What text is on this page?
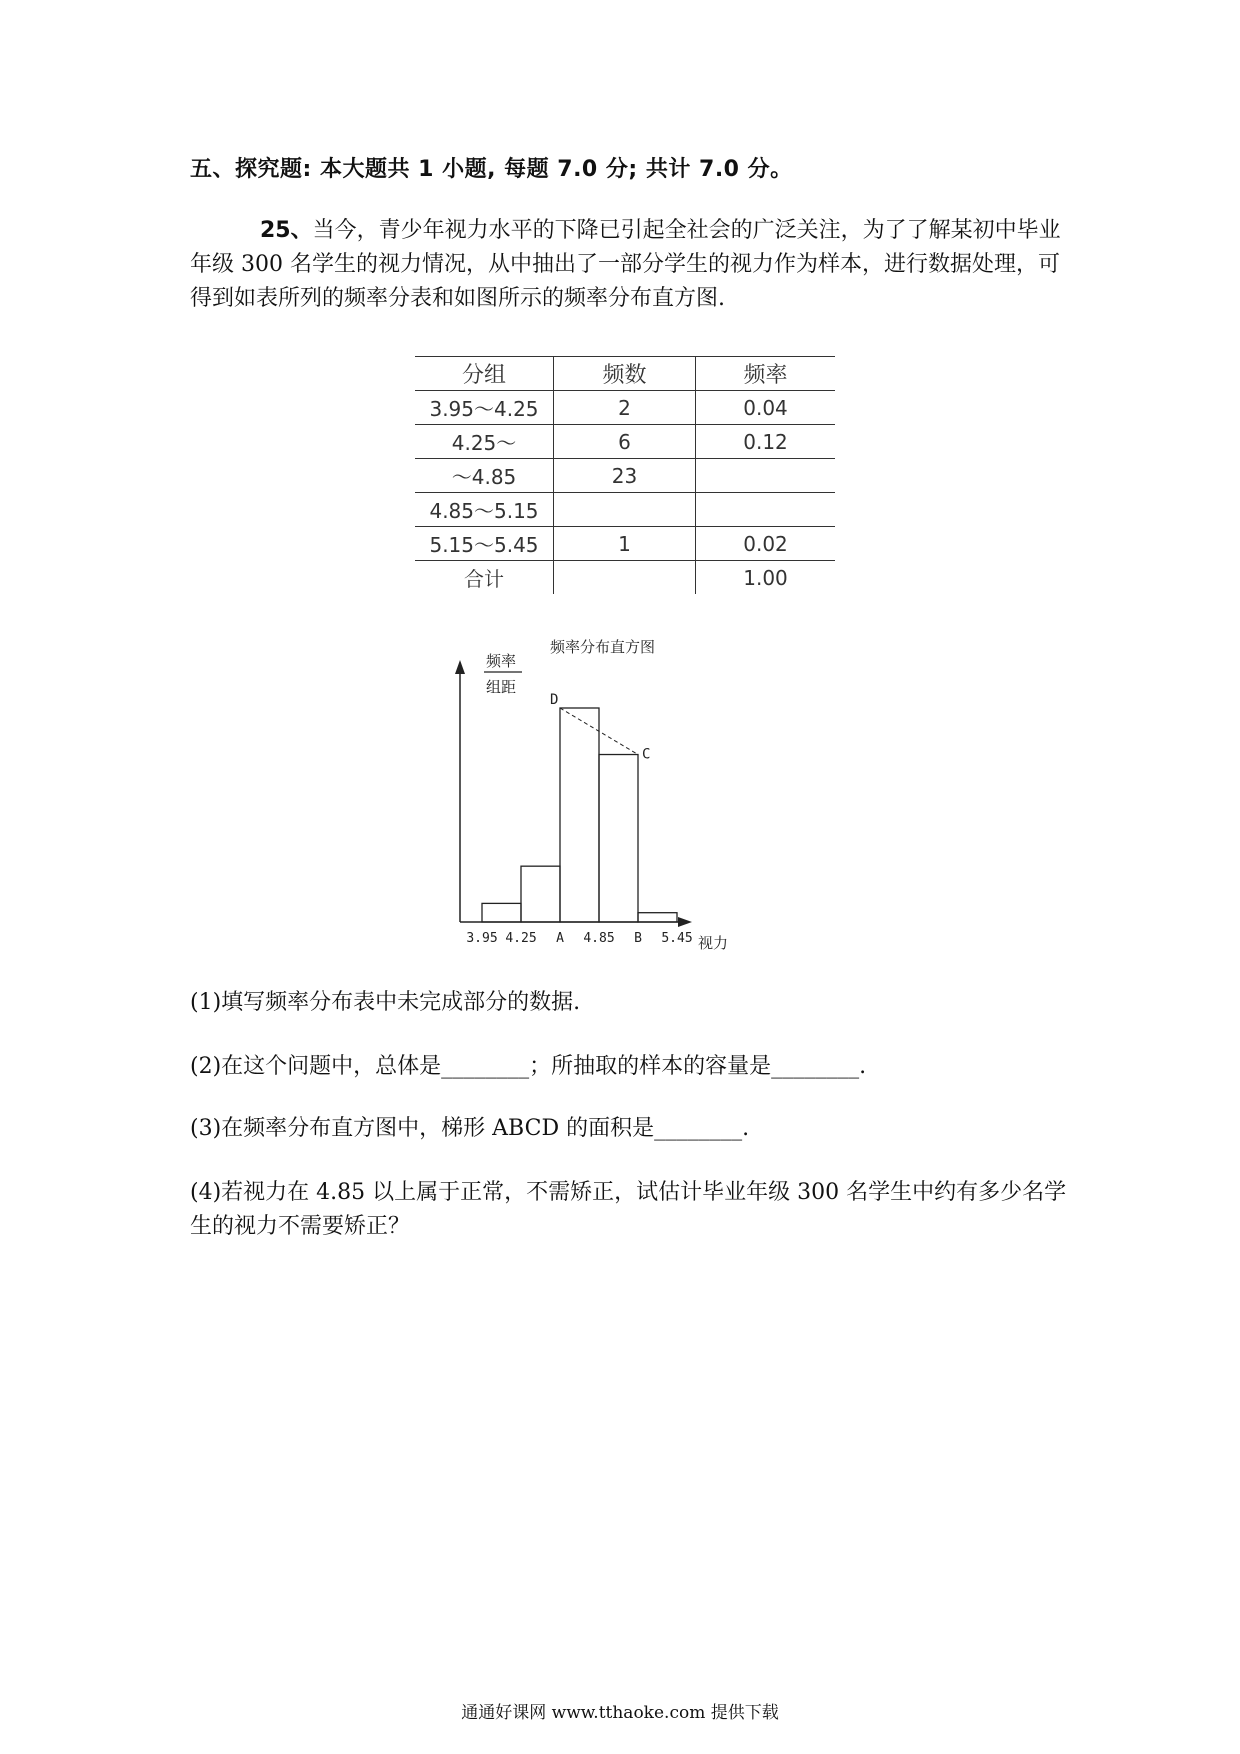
五、探究题: 本大题共 1 小题, 每题 7.0 分; 共计 7.0 分。
25、当今，青少年视力水平的下降已引起全社会的广泛关注，为了了解某初中毕业年级 300 名学生的视力情况，从中抽出了一部分学生的视力作为样本，进行数据处理，可得到如表所列的频率分表和如图所示的频率分布直方图.
分组	频数	频率
3.95～4.25	2	0.04
4.25～	6	0.12
～4.85	23	
4.85～5.15		
5.15～5.45	1	0.02
合计		1.00
频率分布直方图
频率
组距
视力
3.95 4.25 A 4.85 B 5.45
D
C
(1)填写频率分布表中未完成部分的数据.
(2)在这个问题中，总体是________；所抽取的样本的容量是________.
(3)在频率分布直方图中，梯形 ABCD 的面积是________.
(4)若视力在 4.85 以上属于正常，不需矫正，试估计毕业年级 300 名学生中约有多少名学生的视力不需要矫正？
通通好课网 www.tthaoke.com 提供下载
